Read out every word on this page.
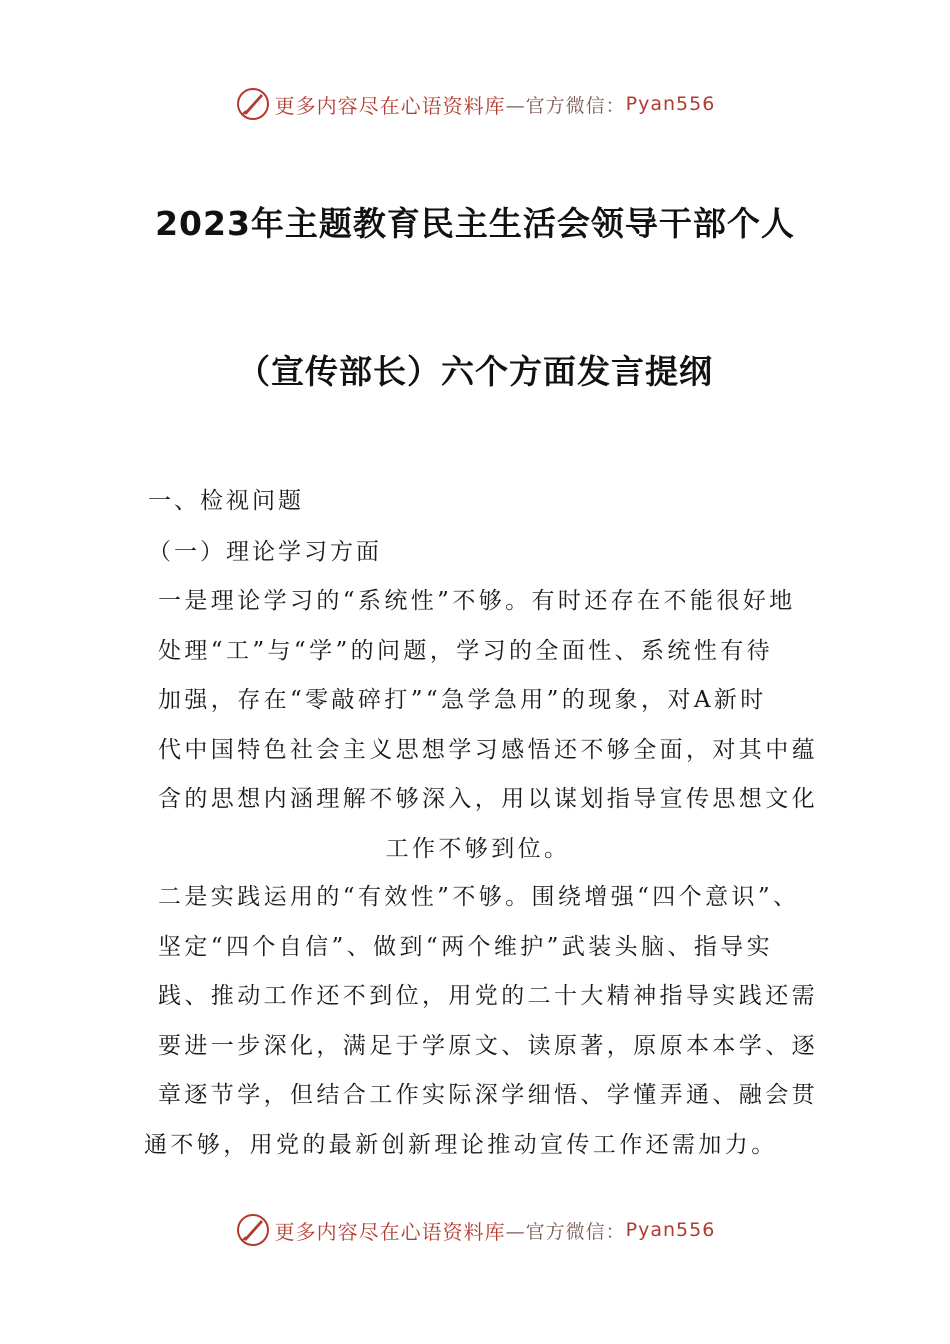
更多内容尽在心语资料库 —官方微信： Pyan556
2023年主题教育民主生活会领导干部个人
（宣传部长）六个方面发言提纲
一、检视问题
（一）理论学习方面
一是理论学习的“系统性”不够。有时还存在不能很好地
处理“工”与“学”的问题，学习的全面性、系统性有待
加强，存在“零敲碎打”“急学急用”的现象，对A新时
代中国特色社会主义思想学习感悟还不够全面，对其中蕴
含的思想内涵理解不够深入，用以谋划指导宣传思想文化
工作不够到位。
二是实践运用的“有效性”不够。围绕增强“四个意识”、
坚定“四个自信”、做到“两个维护”武装头脑、指导实
践、推动工作还不到位，用党的二十大精神指导实践还需
要进一步深化，满足于学原文、读原著，原原本本学、逐
章逐节学，但结合工作实际深学细悟、学懂弄通、融会贯
通不够，用党的最新创新理论推动宣传工作还需加力。
更多内容尽在心语资料库 —官方微信： Pyan556
